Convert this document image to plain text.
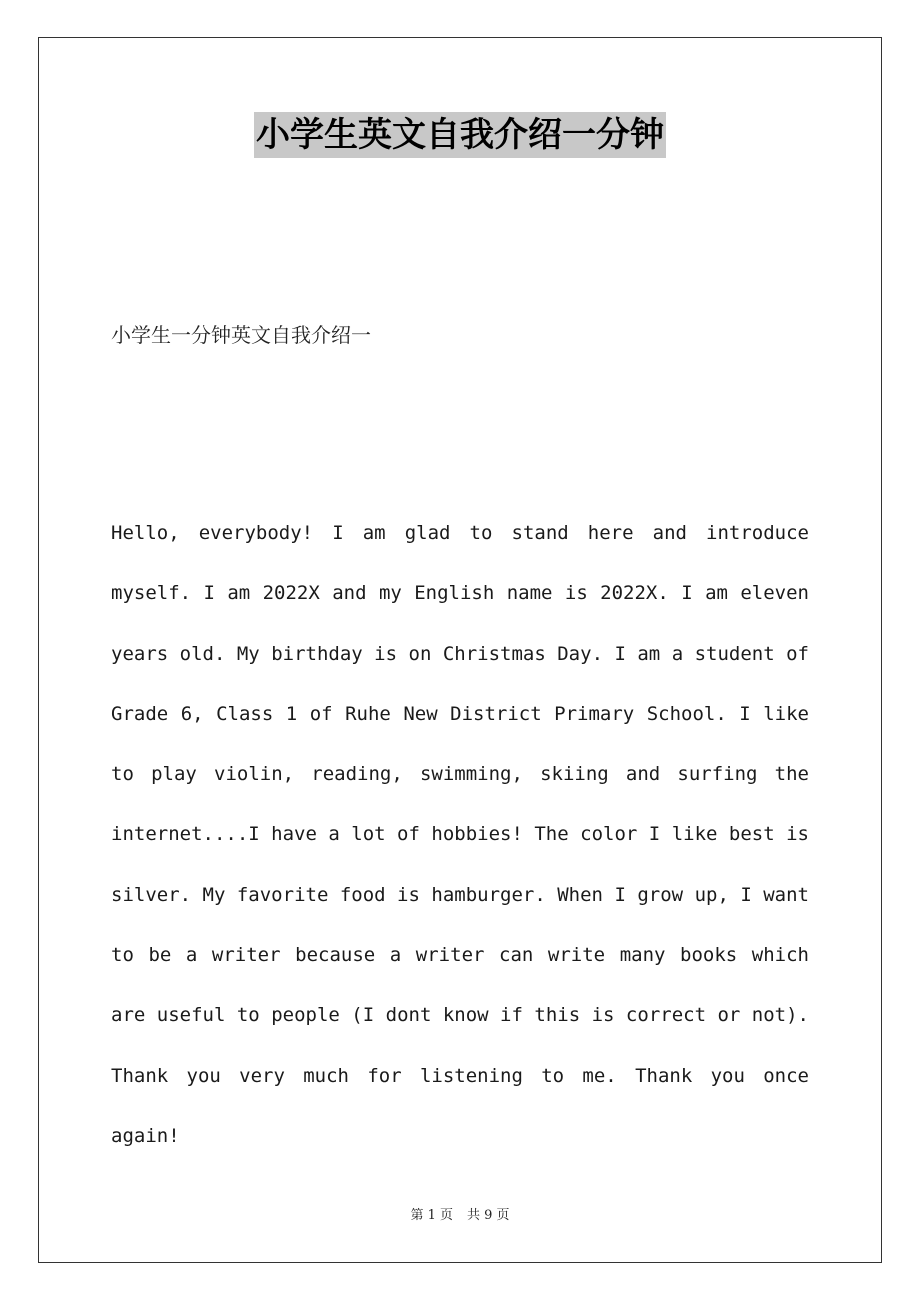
小学生英文自我介绍一分钟
小学生一分钟英文自我介绍一

Hello, everybody! I am glad to stand here and introduce myself. I am 2022X and my English name is 2022X. I am eleven years old. My birthday is on Christmas Day. I am a student of Grade 6, Class 1 of Ruhe New District Primary School. I like to play violin, reading, swimming, skiing and surfing the internet....I have a lot of hobbies! The color I like best is silver. My favorite food is hamburger. When I grow up, I want to be a writer because a writer can write many books which are useful to people (I dont know if this is correct or not). Thank you very much for listening to me. Thank you once again!

第 1 页 共 9 页
